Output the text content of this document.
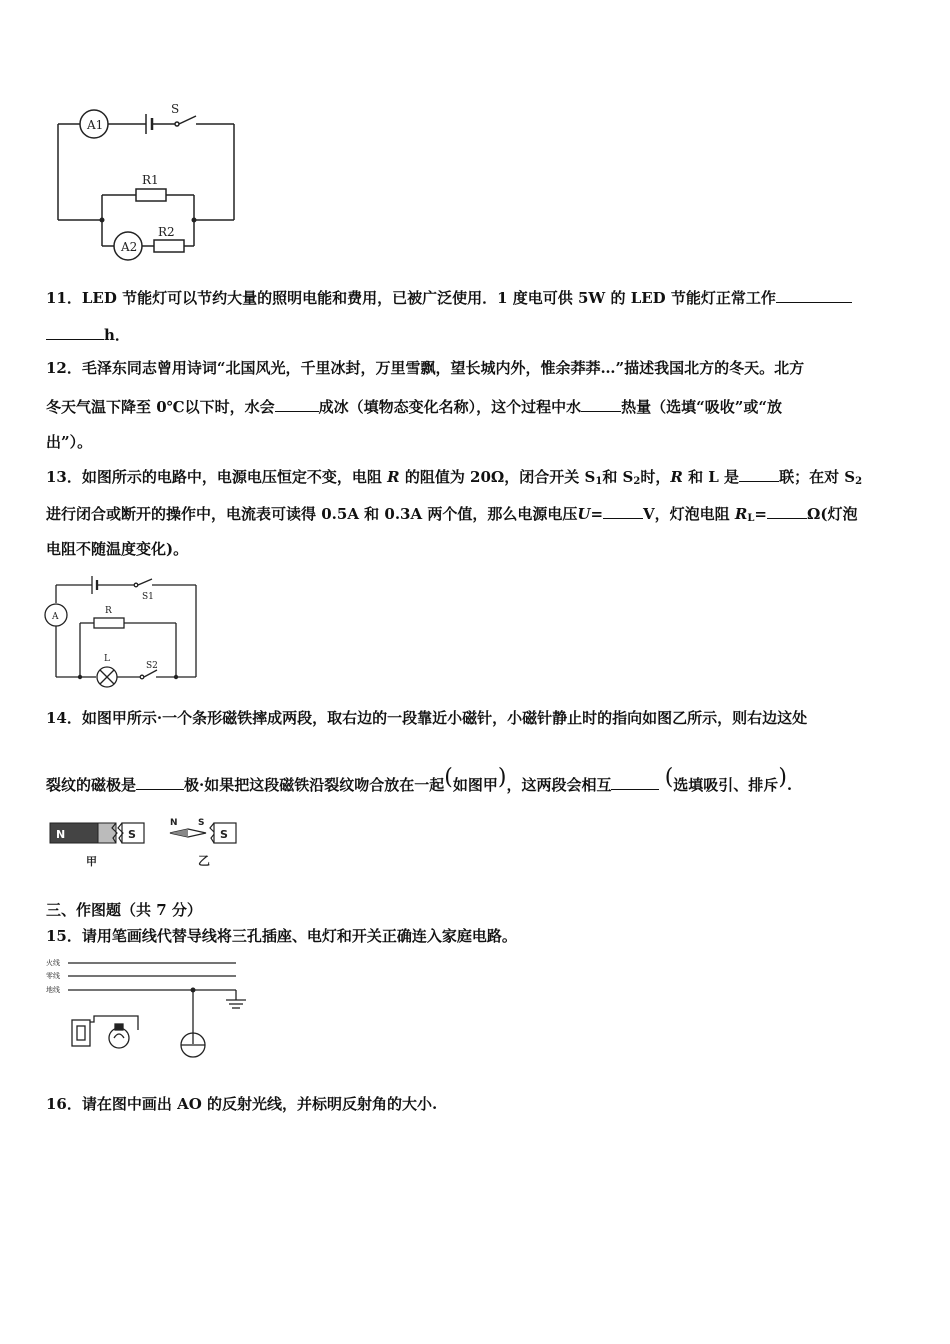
A1
S
R1
R2
A2
11．LED 节能灯可以节约大量的照明电能和费用，已被广泛使用．1 度电可供 5W 的 LED 节能灯正常工作
h．
12．毛泽东同志曾用诗词“北国风光，千里冰封，万里雪飘，望长城内外，惟余莽莽…”描述我国北方的冬天。北方
冬天气温下降至 0℃以下时，水会	成冰（填物态变化名称），这个过程中水	热量（选填“吸收”或“放
出”）。
13．如图所示的电路中，电源电压恒定不变，电阻 R 的阻值为 20Ω，闭合开关 $S_1$和 $S_2$时，R 和 L 是	联；在对 $S_2$
进行闭合或断开的操作中，电流表可读得 0.5A 和 0.3A 两个值，那么电源电压U=	V，灯泡电阻 $R_L=$	Ω(灯泡
电阻不随温度变化)。
A
S1
R
L
S2
14．如图甲所示·一个条形磁铁摔成两段，取右边的一段靠近小磁针，小磁针静止时的指向如图乙所示，则右边这处
裂纹的磁极是	极·如果把这段磁铁沿裂纹吻合放在一起(如图甲)，这两段会相互 (选填吸引、排斥).
N	S
甲
N S
S
乙
三、作图题（共 7 分）
15．请用笔画线代替导线将三孔插座、电灯和开关正确连入家庭电路。
火线
零线
地线
16．请在图中画出 AO 的反射光线，并标明反射角的大小.
